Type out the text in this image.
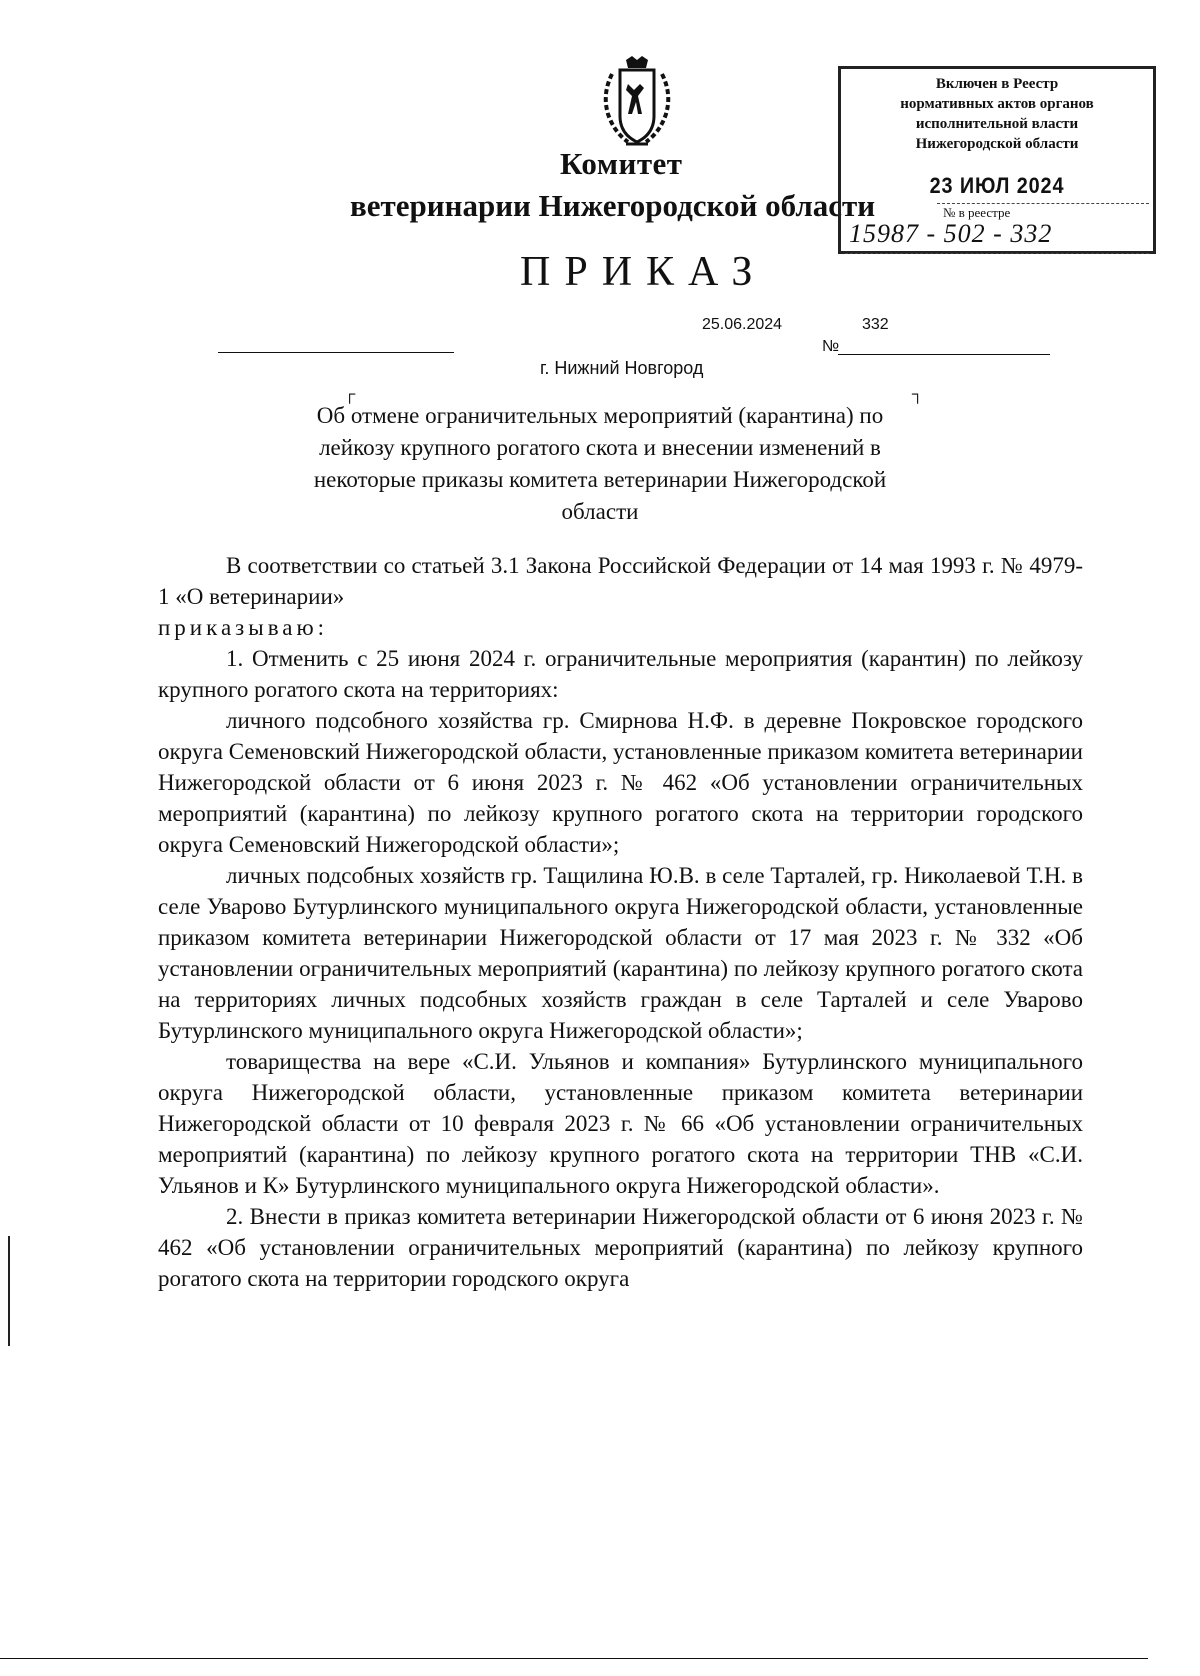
Комитет
ветеринарии Нижегородской области
ПРИКАЗ
Включен в Реестр
нормативных актов органов
исполнительной власти
Нижегородской области
23 ИЮЛ 2024
№ в реестре
15987 - 502 - 332
25.06.2024	332
№
г. Нижний Новгород
┌	┐
Об отмене ограничительных мероприятий (карантина) по лейкозу крупного рогатого скота и внесении изменений в некоторые приказы комитета ветеринарии Нижегородской области

В соответствии со статьей 3.1 Закона Российской Федерации от 14 мая 1993 г. № 4979-1 «О ветеринарии»

приказываю:

1. Отменить с 25 июня 2024 г. ограничительные мероприятия (карантин) по лейкозу крупного рогатого скота на территориях:

личного подсобного хозяйства гр. Смирнова Н.Ф. в деревне Покровское городского округа Семеновский Нижегородской области, установленные приказом комитета ветеринарии Нижегородской области от 6 июня 2023 г. № 462 «Об установлении ограничительных мероприятий (карантина) по лейкозу крупного рогатого скота на территории городского округа Семеновский Нижегородской области»;

личных подсобных хозяйств гр. Тащилина Ю.В. в селе Тарталей, гр. Николаевой Т.Н. в селе Уварово Бутурлинского муниципального округа Нижегородской области, установленные приказом комитета ветеринарии Нижегородской области от 17 мая 2023 г. № 332 «Об установлении ограничительных мероприятий (карантина) по лейкозу крупного рогатого скота на территориях личных подсобных хозяйств граждан в селе Тарталей и селе Уварово Бутурлинского муниципального округа Нижегородской области»;

товарищества на вере «С.И. Ульянов и компания» Бутурлинского муниципального округа Нижегородской области, установленные приказом комитета ветеринарии Нижегородской области от 10 февраля 2023 г. № 66 «Об установлении ограничительных мероприятий (карантина) по лейкозу крупного рогатого скота на территории ТНВ «С.И. Ульянов и К» Бутурлинского муниципального округа Нижегородской области».

2. Внести в приказ комитета ветеринарии Нижегородской области от 6 июня 2023 г. № 462 «Об установлении ограничительных мероприятий (карантина) по лейкозу крупного рогатого скота на территории городского округа
